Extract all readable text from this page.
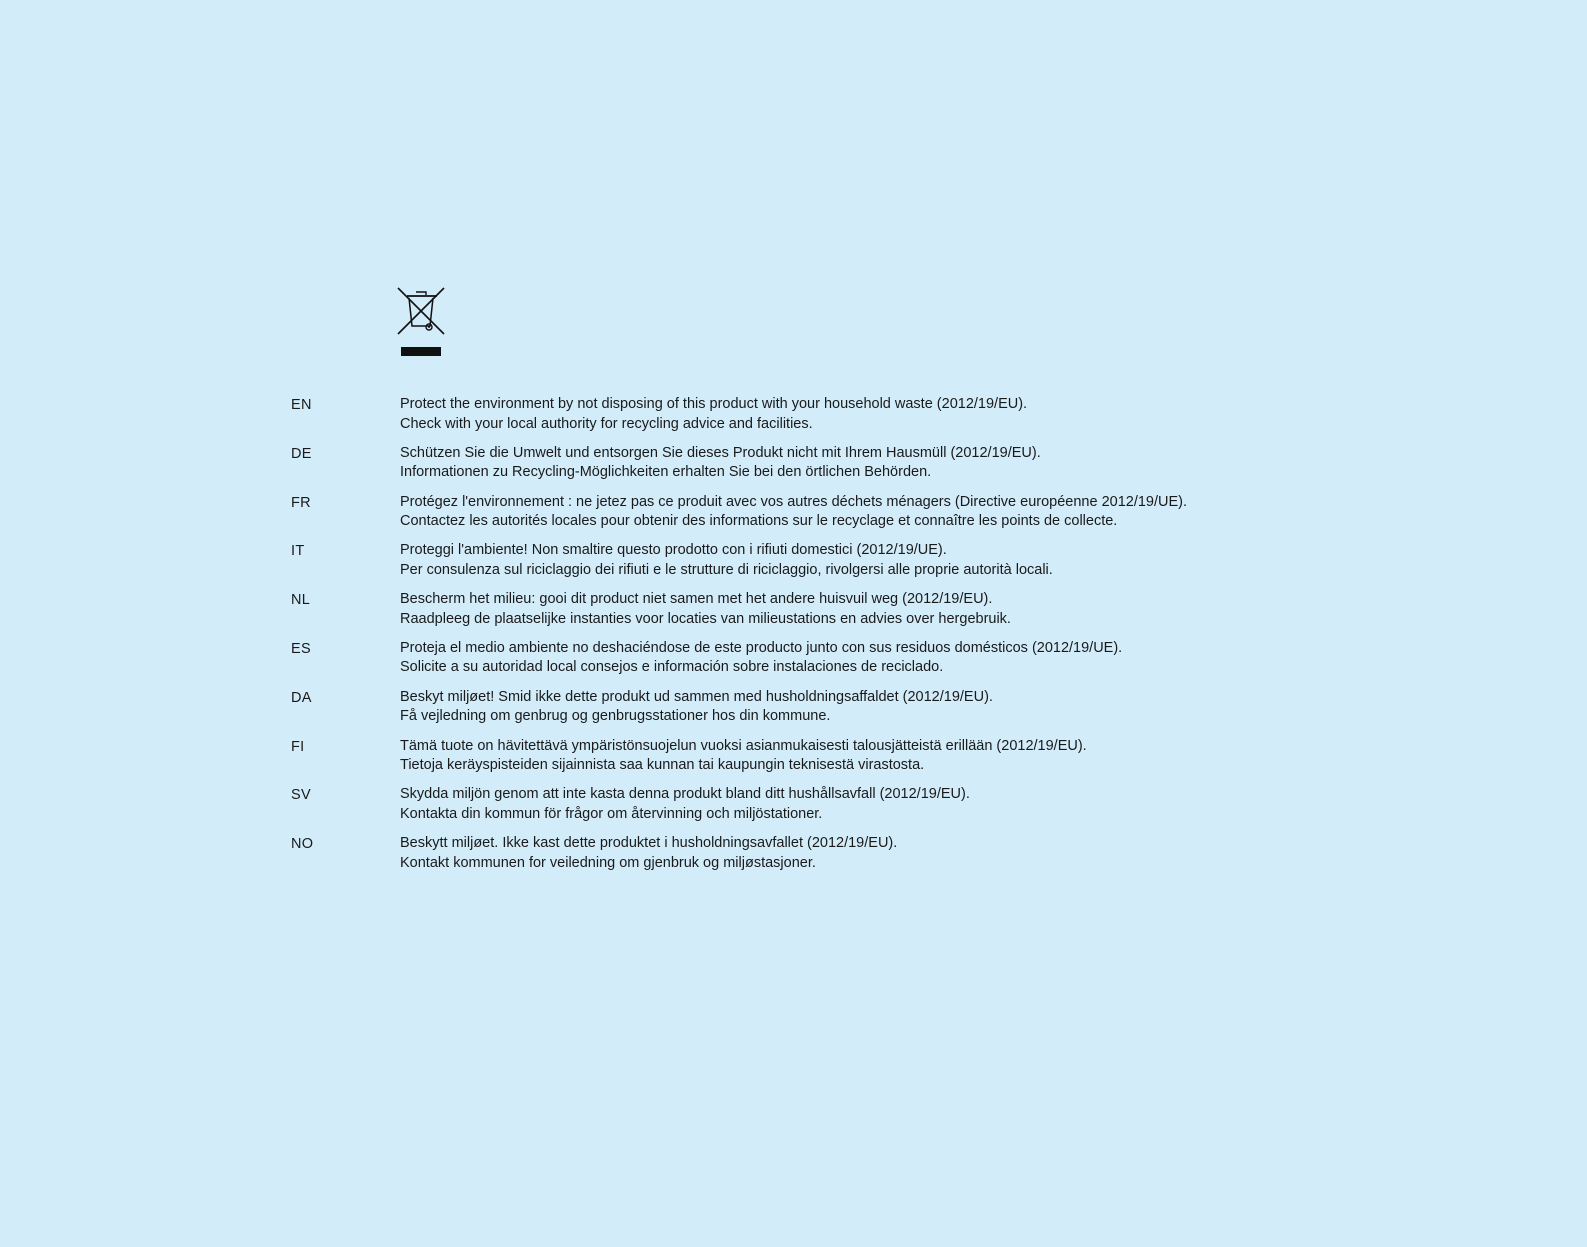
EN	Protect the environment by not disposing of this product with your household waste (2012/19/EU).
Check with your local authority for recycling advice and facilities.
DE	Schützen Sie die Umwelt und entsorgen Sie dieses Produkt nicht mit Ihrem Hausmüll (2012/19/EU).
Informationen zu Recycling-Möglichkeiten erhalten Sie bei den örtlichen Behörden.
FR	Protégez l'environnement : ne jetez pas ce produit avec vos autres déchets ménagers (Directive européenne 2012/19/UE).
Contactez les autorités locales pour obtenir des informations sur le recyclage et connaître les points de collecte.
IT	Proteggi l'ambiente! Non smaltire questo prodotto con i rifiuti domestici (2012/19/UE).
Per consulenza sul riciclaggio dei rifiuti e le strutture di riciclaggio, rivolgersi alle proprie autorità locali.
NL	Bescherm het milieu: gooi dit product niet samen met het andere huisvuil weg (2012/19/EU).
Raadpleeg de plaatselijke instanties voor locaties van milieustations en advies over hergebruik.
ES	Proteja el medio ambiente no deshaciéndose de este producto junto con sus residuos domésticos (2012/19/UE).
Solicite a su autoridad local consejos e información sobre instalaciones de reciclado.
DA	Beskyt miljøet! Smid ikke dette produkt ud sammen med husholdningsaffaldet (2012/19/EU).
Få vejledning om genbrug og genbrugsstationer hos din kommune.
FI	Tämä tuote on hävitettävä ympäristönsuojelun vuoksi asianmukaisesti talousjätteistä erillään (2012/19/EU).
Tietoja keräyspisteiden sijainnista saa kunnan tai kaupungin teknisestä virastosta.
SV	Skydda miljön genom att inte kasta denna produkt bland ditt hushållsavfall (2012/19/EU).
Kontakta din kommun för frågor om återvinning och miljöstationer.
NO	Beskytt miljøet. Ikke kast dette produktet i husholdningsavfallet (2012/19/EU).
Kontakt kommunen for veiledning om gjenbruk og miljøstasjoner.
